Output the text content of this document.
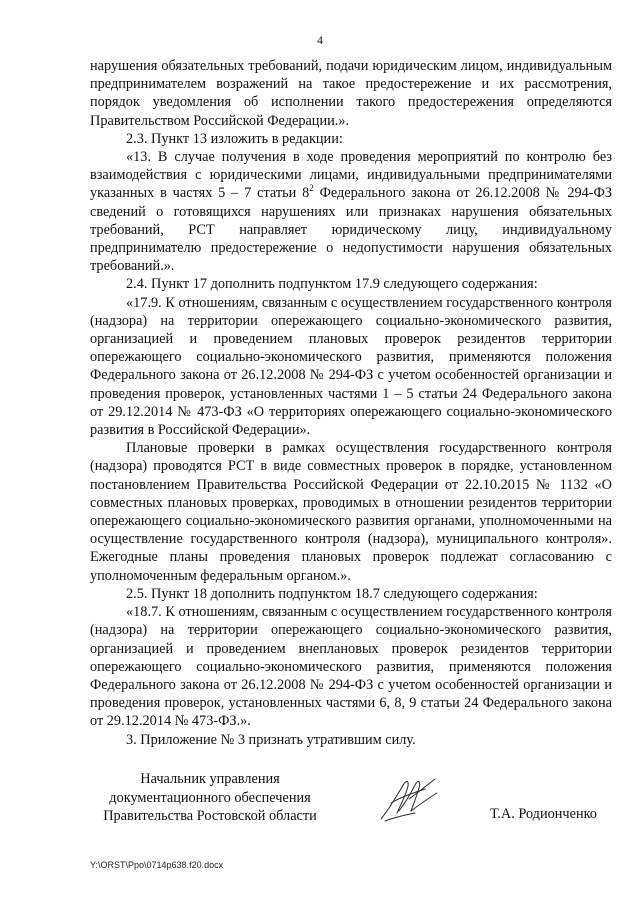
4

нарушения обязательных требований, подачи юридическим лицом, индивидуальным предпринимателем возражений на такое предостережение и их рассмотрения, порядок уведомления об исполнении такого предостережения определяются Правительством Российской Федерации.».

2.3. Пункт 13 изложить в редакции:

«13. В случае получения в ходе проведения мероприятий по контролю без взаимодействия с юридическими лицами, индивидуальными предпринимателями указанных в частях 5 – 7 статьи $8^2$ Федерального закона от 26.12.2008 № 294-ФЗ сведений о готовящихся нарушениях или признаках нарушения обязательных требований, РСТ направляет юридическому лицу, индивидуальному предпринимателю предостережение о недопустимости нарушения обязательных требований.».

2.4. Пункт 17 дополнить подпунктом 17.9 следующего содержания:

«17.9. К отношениям, связанным с осуществлением государственного контроля (надзора) на территории опережающего социально-экономического развития, организацией и проведением плановых проверок резидентов территории опережающего социально-экономического развития, применяются положения Федерального закона от 26.12.2008 № 294-ФЗ с учетом особенностей организации и проведения проверок, установленных частями 1 – 5 статьи 24 Федерального закона от 29.12.2014 № 473-ФЗ «О территориях опережающего социально-экономического развития в Российской Федерации».

Плановые проверки в рамках осуществления государственного контроля (надзора) проводятся РСТ в виде совместных проверок в порядке, установленном постановлением Правительства Российской Федерации от 22.10.2015 № 1132 «О совместных плановых проверках, проводимых в отношении резидентов территории опережающего социально-экономического развития органами, уполномоченными на осуществление государственного контроля (надзора), муниципального контроля». Ежегодные планы проведения плановых проверок подлежат согласованию с уполномоченным федеральным органом.».

2.5. Пункт 18 дополнить подпунктом 18.7 следующего содержания:

«18.7. К отношениям, связанным с осуществлением государственного контроля (надзора) на территории опережающего социально-экономического развития, организацией и проведением внеплановых проверок резидентов территории опережающего социально-экономического развития, применяются положения Федерального закона от 26.12.2008 № 294-ФЗ с учетом особенностей организации и проведения проверок, установленных частями 6, 8, 9 статьи 24 Федерального закона от 29.12.2014 № 473-ФЗ.».

3. Приложение № 3 признать утратившим силу.

Начальник управления
документационного обеспечения
Правительства Ростовской области	Т.А. Родионченко
Y:\ORST\Ppo\0714p638.f20.docx
